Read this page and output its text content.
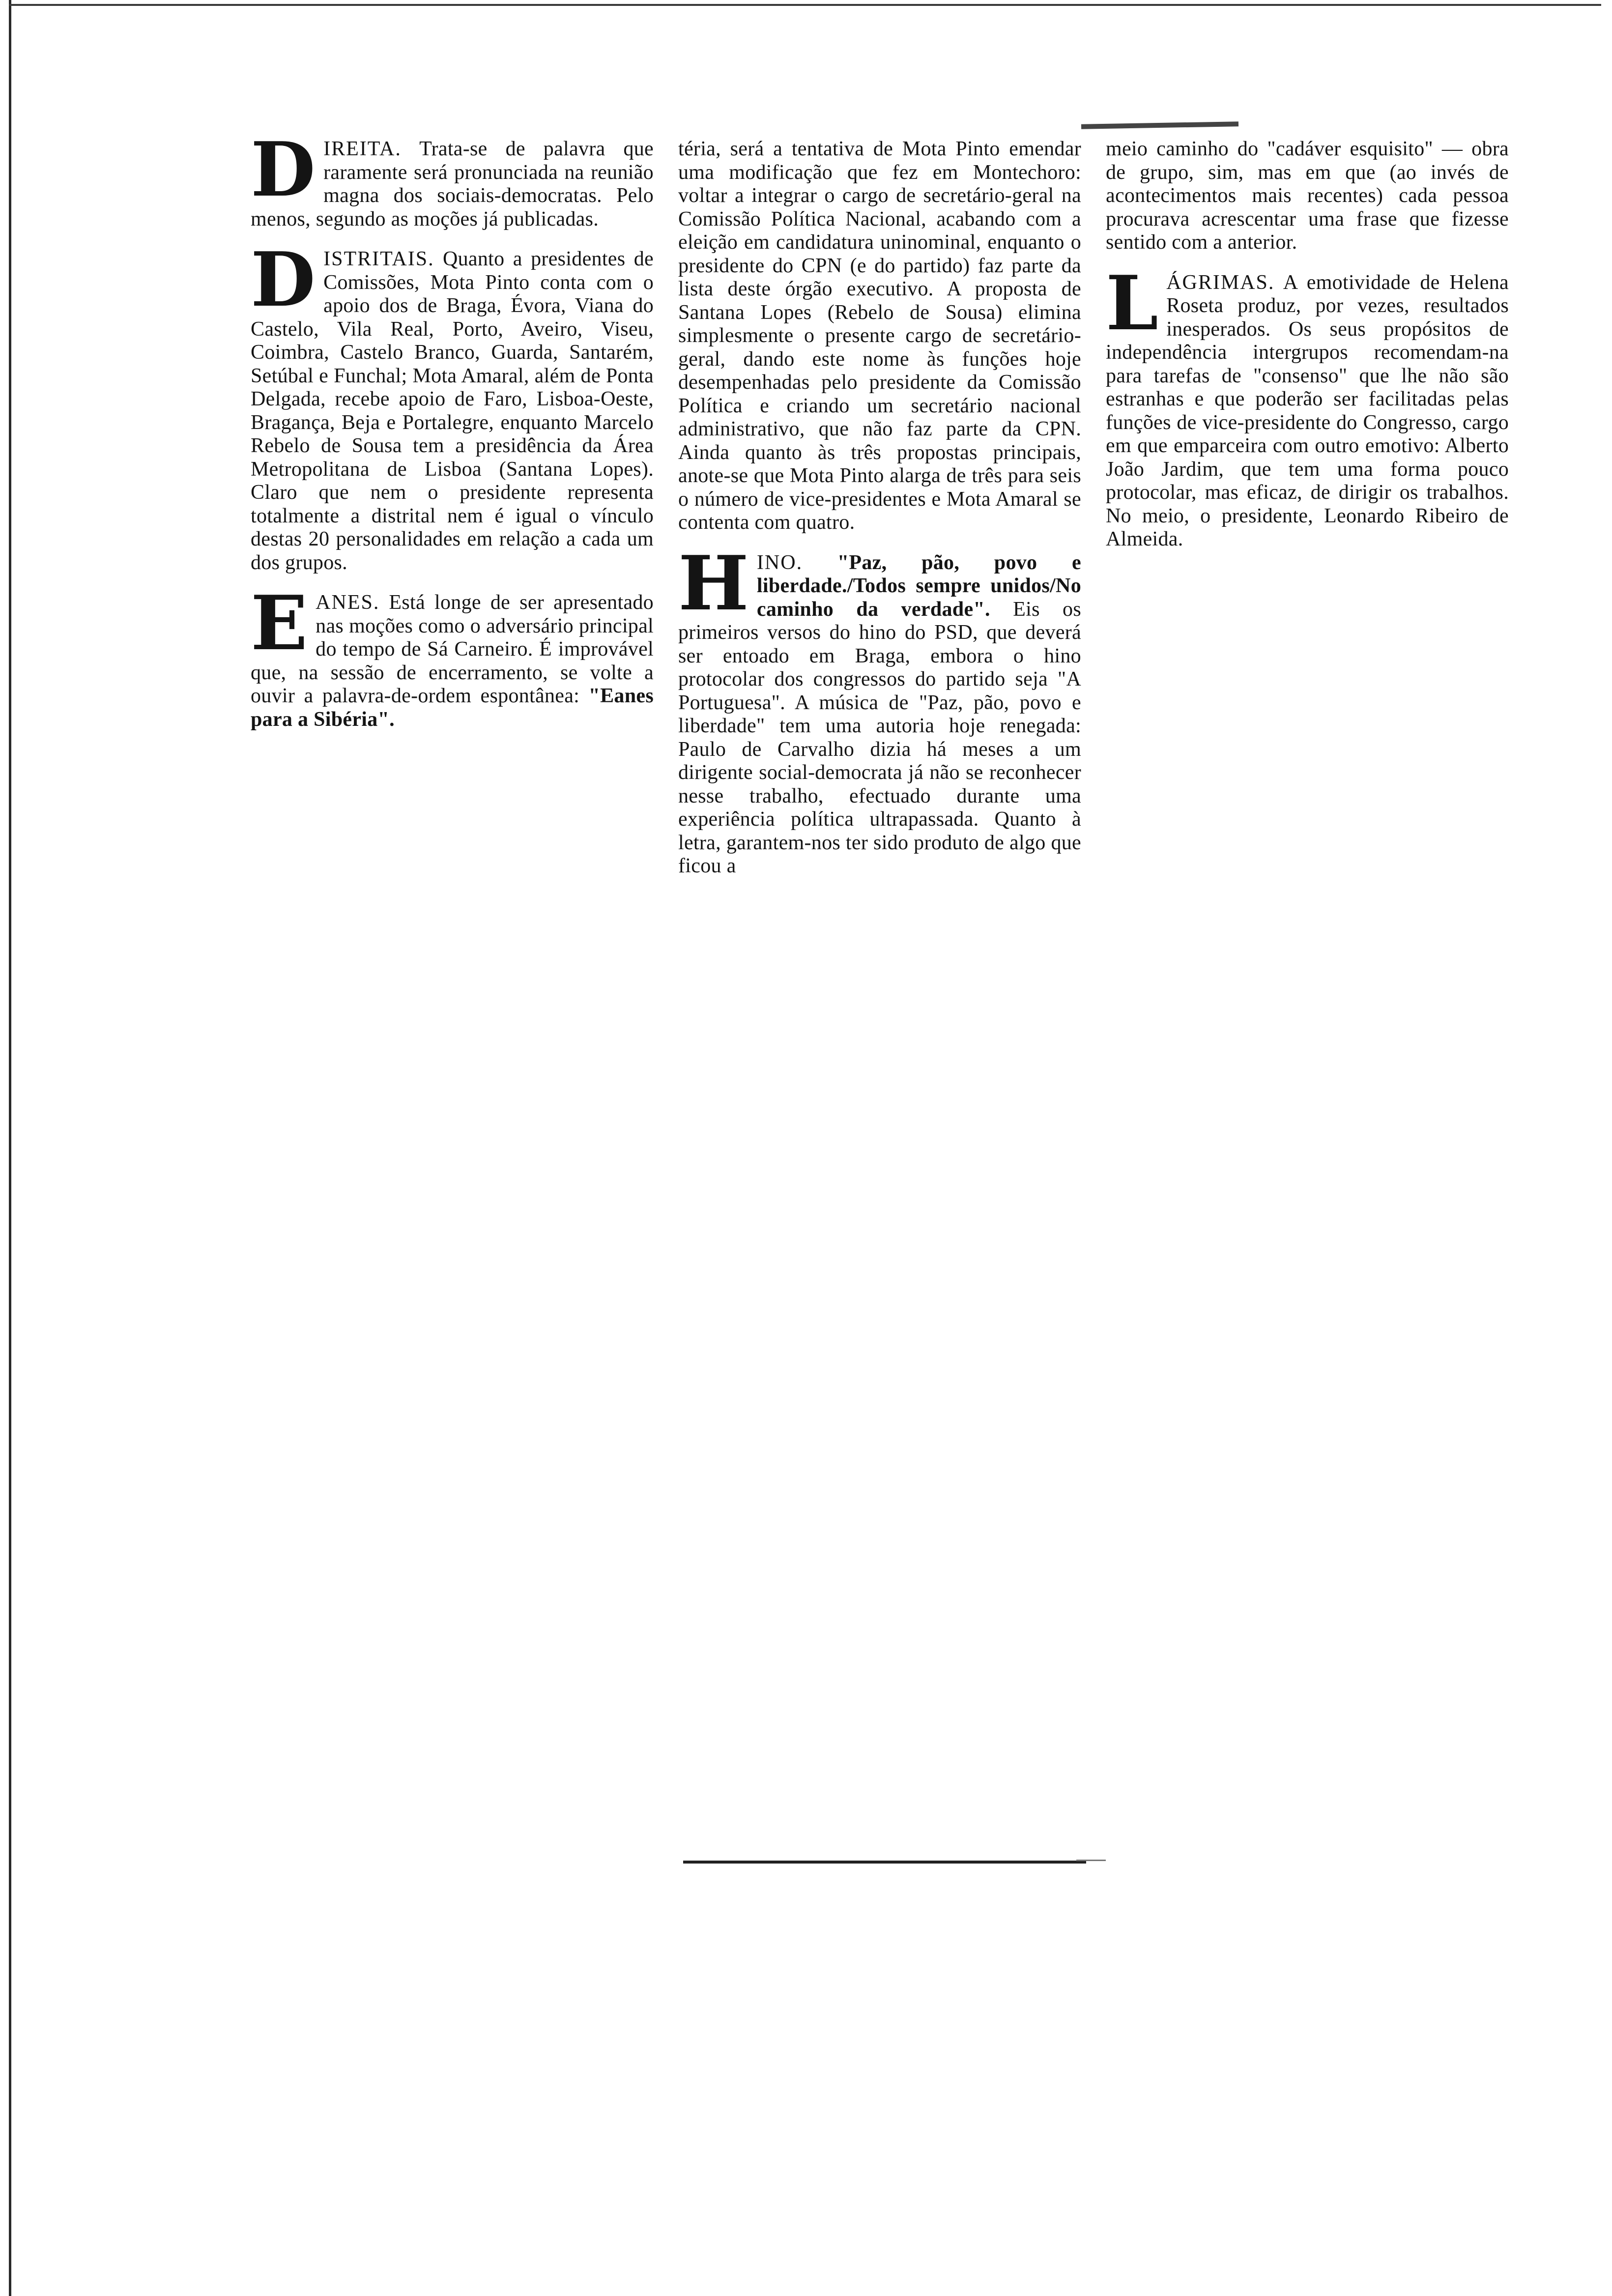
DIREITA. Trata-se de palavra que raramente será pronunciada na reunião magna dos sociais-democratas. Pelo menos, segundo as moções já publicadas.

DISTRITAIS. Quanto a presidentes de Comissões, Mota Pinto conta com o apoio dos de Braga, Évora, Viana do Castelo, Vila Real, Porto, Aveiro, Viseu, Coimbra, Castelo Branco, Guarda, Santarém, Setúbal e Funchal; Mota Amaral, além de Ponta Delgada, recebe apoio de Faro, Lisboa-Oeste, Bragança, Beja e Portalegre, enquanto Marcelo Rebelo de Sousa tem a presidência da Área Metropolitana de Lisboa (Santana Lopes). Claro que nem o presidente representa totalmente a distrital nem é igual o vínculo destas 20 personalidades em relação a cada um dos grupos.

EANES. Está longe de ser apresentado nas moções como o adversário principal do tempo de Sá Carneiro. É improvável que, na sessão de encerramento, se volte a ouvir a palavra-de-ordem espontânea: "Eanes para a Sibéria".

téria, será a tentativa de Mota Pinto emendar uma modificação que fez em Montechoro: voltar a integrar o cargo de secretário-geral na Comissão Política Nacional, acabando com a eleição em candidatura uninominal, enquanto o presidente do CPN (e do partido) faz parte da lista deste órgão executivo. A proposta de Santana Lopes (Rebelo de Sousa) elimina simplesmente o presente cargo de secretário-geral, dando este nome às funções hoje desempenhadas pelo presidente da Comissão Política e criando um secretário nacional administrativo, que não faz parte da CPN. Ainda quanto às três propostas principais, anote-se que Mota Pinto alarga de três para seis o número de vice-presidentes e Mota Amaral se contenta com quatro.

HINO. "Paz, pão, povo e liberdade./Todos sempre unidos/No caminho da verdade". Eis os primeiros versos do hino do PSD, que deverá ser entoado em Braga, embora o hino protocolar dos congressos do partido seja "A Portuguesa". A música de "Paz, pão, povo e liberdade" tem uma autoria hoje renegada: Paulo de Carvalho dizia há meses a um dirigente social-democrata já não se reconhecer nesse trabalho, efectuado durante uma experiência política ultrapassada. Quanto à letra, garantem-nos ter sido produto de algo que ficou a

meio caminho do "cadáver esquisito" — obra de grupo, sim, mas em que (ao invés de acontecimentos mais recentes) cada pessoa procurava acrescentar uma frase que fizesse sentido com a anterior.

LÁGRIMAS. A emotividade de Helena Roseta produz, por vezes, resultados inesperados. Os seus propósitos de independência intergrupos recomendam-na para tarefas de "consenso" que lhe não são estranhas e que poderão ser facilitadas pelas funções de vice-presidente do Congresso, cargo em que emparceira com outro emotivo: Alberto João Jardim, que tem uma forma pouco protocolar, mas eficaz, de dirigir os trabalhos. No meio, o presidente, Leonardo Ribeiro de Almeida.
